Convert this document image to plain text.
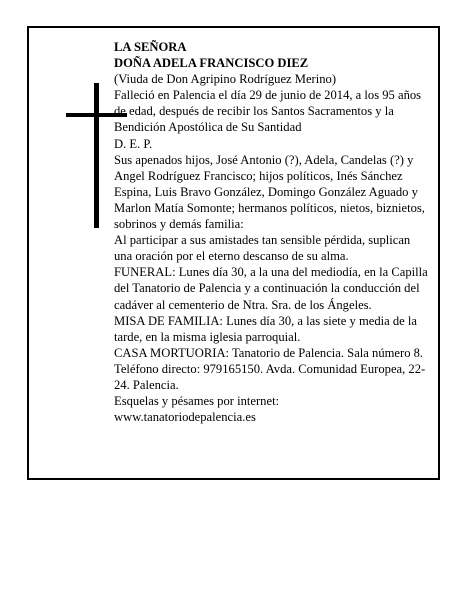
LA SEÑORA

DOÑA ADELA FRANCISCO DIEZ

(Viuda de Don Agripino Rodríguez Merino)

Falleció en Palencia el día 29 de junio de 2014, a los 95 años de edad, después de recibir los Santos Sacramentos y la Bendición Apostólica de Su Santidad

D. E. P.

Sus apenados hijos, José Antonio (?), Adela, Candelas (?) y Angel Rodríguez Francisco; hijos políticos, Inés Sánchez Espina, Luis Bravo González, Domingo González Aguado y Marlon Matía Somonte; hermanos políticos, nietos, biznietos, sobrinos y demás familia:

Al participar a sus amistades tan sensible pérdida, suplican una oración por el eterno descanso de su alma.

FUNERAL: Lunes día 30, a la una del mediodía, en la Capilla del Tanatorio de Palencia y a continuación la conducción del cadáver al cementerio de Ntra. Sra. de los Ángeles.

MISA DE FAMILIA: Lunes día 30, a las siete y media de la tarde, en la misma iglesia parroquial.

CASA MORTUORIA: Tanatorio de Palencia. Sala número 8. Teléfono directo: 979165150. Avda. Comunidad Europea, 22-24. Palencia.

Esquelas y pésames por internet:

www.tanatoriodepalencia.es
